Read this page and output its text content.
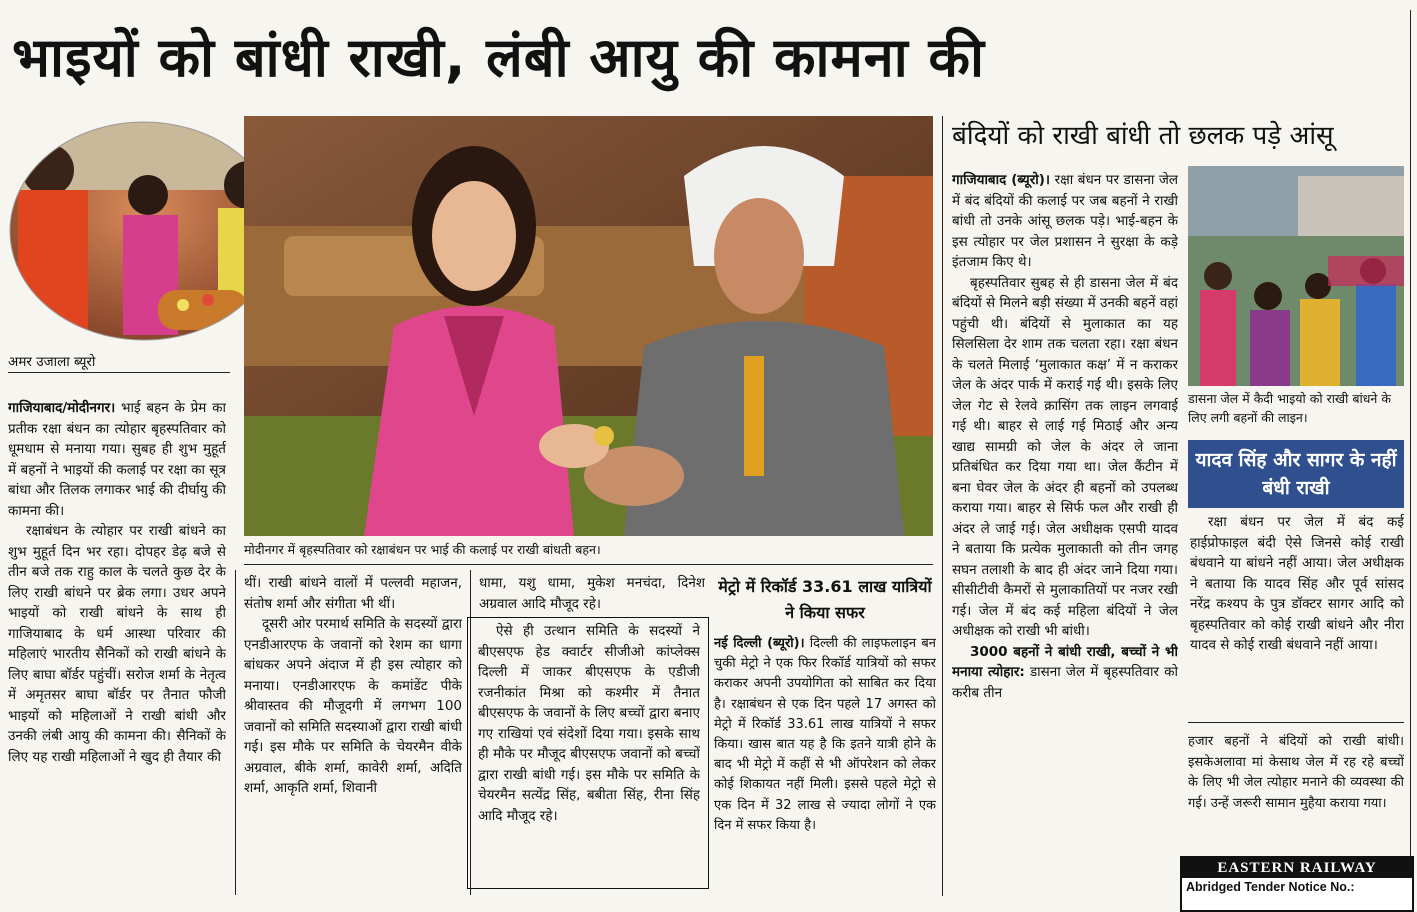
भाइयों को बांधी राखी, लंबी आयु की कामना की
अमर उजाला ब्यूरो

गाजियाबाद/मोदीनगर। भाई बहन के प्रेम का प्रतीक रक्षा बंधन का त्योहार बृहस्पतिवार को धूमधाम से मनाया गया। सुबह ही शुभ मुहूर्त में बहनों ने भाइयों की कलाई पर रक्षा का सूत्र बांधा और तिलक लगाकर भाई की दीर्घायु की कामना की।

रक्षाबंधन के त्योहार पर राखी बांधने का शुभ मुहूर्त दिन भर रहा। दोपहर डेढ़ बजे से तीन बजे तक राहु काल के चलते कुछ देर के लिए राखी बांधने पर ब्रेक लगा। उधर अपने भाइयों को राखी बांधने के साथ ही गाजियाबाद के धर्म आस्था परिवार की महिलाएं भारतीय सैनिकों को राखी बांधने के लिए बाघा बॉर्डर पहुंचीं। सरोज शर्मा के नेतृत्व में अमृतसर बाघा बॉर्डर पर तैनात फौजी भाइयों को महिलाओं ने राखी बांधी और उनकी लंबी आयु की कामना की। सैनिकों के लिए यह राखी महिलाओं ने खुद ही तैयार की

मोदीनगर में बृहस्पतिवार को रक्षाबंधन पर भाई की कलाई पर राखी बांधती बहन।

थीं। राखी बांधने वालों में पल्लवी महाजन, संतोष शर्मा और संगीता भी थीं।

दूसरी ओर परमार्थ समिति के सदस्यों द्वारा एनडीआरएफ के जवानों को रेशम का धागा बांधकर अपने अंदाज में ही इस त्योहार को मनाया। एनडीआरएफ के कमांडेंट पीके श्रीवास्तव की मौजूदगी में लगभग 100 जवानों को समिति सदस्याओं द्वारा राखी बांधी गई। इस मौके पर समिति के चेयरमैन वीके अग्रवाल, बीके शर्मा, कावेरी शर्मा, अदिति शर्मा, आकृति शर्मा, शिवानी

धामा, यशु धामा, मुकेश मनचंदा, दिनेश अग्रवाल आदि मौजूद रहे।

ऐसे ही उत्थान समिति के सदस्यों ने बीएसएफ हेड क्वार्टर सीजीओ कांप्लेक्स दिल्ली में जाकर बीएसएफ के एडीजी रजनीकांत मिश्रा को कश्मीर में तैनात बीएसएफ के जवानों के लिए बच्चों द्वारा बनाए गए राखियां एवं संदेशों दिया गया। इसके साथ ही मौके पर मौजूद बीएसएफ जवानों को बच्चों द्वारा राखी बांधी गई। इस मौके पर समिति के चेयरमैन सत्येंद्र सिंह, बबीता सिंह, रीना सिंह आदि मौजूद रहे।

मेट्रो में रिकॉर्ड 33.61 लाख यात्रियों ने किया सफर

नई दिल्ली (ब्यूरो)। दिल्ली की लाइफलाइन बन चुकी मेट्रो ने एक फिर रिकॉर्ड यात्रियों को सफर कराकर अपनी उपयोगिता को साबित कर दिया है। रक्षाबंधन से एक दिन पहले 17 अगस्त को मेट्रो में रिकॉर्ड 33.61 लाख यात्रियों ने सफर किया। खास बात यह है कि इतने यात्री होने के बाद भी मेट्रो में कहीं से भी ऑपरेशन को लेकर कोई शिकायत नहीं मिली। इससे पहले मेट्रो से एक दिन में 32 लाख से ज्यादा लोगों ने एक दिन में सफर किया है।

बंदियों को राखी बांधी तो छलक पड़े आंसू

गाजियाबाद (ब्यूरो)। रक्षा बंधन पर डासना जेल में बंद बंदियों की कलाई पर जब बहनों ने राखी बांधी तो उनके आंसू छलक पड़े। भाई-बहन के इस त्योहार पर जेल प्रशासन ने सुरक्षा के कड़े इंतजाम किए थे।

बृहस्पतिवार सुबह से ही डासना जेल में बंद बंदियों से मिलने बड़ी संख्या में उनकी बहनें वहां पहुंची थी। बंदियों से मुलाकात का यह सिलसिला देर शाम तक चलता रहा। रक्षा बंधन के चलते मिलाई ‘मुलाकात कक्ष’ में न कराकर जेल के अंदर पार्क में कराई गई थी। इसके लिए जेल गेट से रेलवे क्रासिंग तक लाइन लगवाई गई थी। बाहर से लाई गई मिठाई और अन्य खाद्य सामग्री को जेल के अंदर ले जाना प्रतिबंधित कर दिया गया था। जेल कैंटीन में बना घेवर जेल के अंदर ही बहनों को उपलब्ध कराया गया। बाहर से सिर्फ फल और राखी ही अंदर ले जाई गई। जेल अधीक्षक एसपी यादव ने बताया कि प्रत्येक मुलाकाती को तीन जगह सघन तलाशी के बाद ही अंदर जाने दिया गया। सीसीटीवी कैमरों से मुलाकातियों पर नजर रखी गई। जेल में बंद कई महिला बंदियों ने जेल अधीक्षक को राखी भी बांधी।

3000 बहनों ने बांधी राखी, बच्चों ने भी मनाया त्योहार: डासना जेल में बृहस्पतिवार को करीब तीन

डासना जेल में कैदी भाइयो को राखी बांधने के लिए लगी बहनों की लाइन।
यादव सिंह और सागर के नहीं बंधी राखी

रक्षा बंधन पर जेल में बंद कई हाईप्रोफाइल बंदी ऐसे जिनसे कोई राखी बंधवाने या बांधने नहीं आया। जेल अधीक्षक ने बताया कि यादव सिंह और पूर्व सांसद नरेंद्र कश्यप के पुत्र डॉक्टर सागर आदि को बृहस्पतिवार को कोई राखी बांधने और नीरा यादव से कोई राखी बंधवाने नहीं आया।

हजार बहनों ने बंदियों को राखी बांधी। इसकेअलावा मां केसाथ जेल में रह रहे बच्चों के लिए भी जेल त्योहार मनाने की व्यवस्था की गई। उन्हें जरूरी सामान मुहैया कराया गया।

EASTERN RAILWAY
Abridged Tender Notice No.:
